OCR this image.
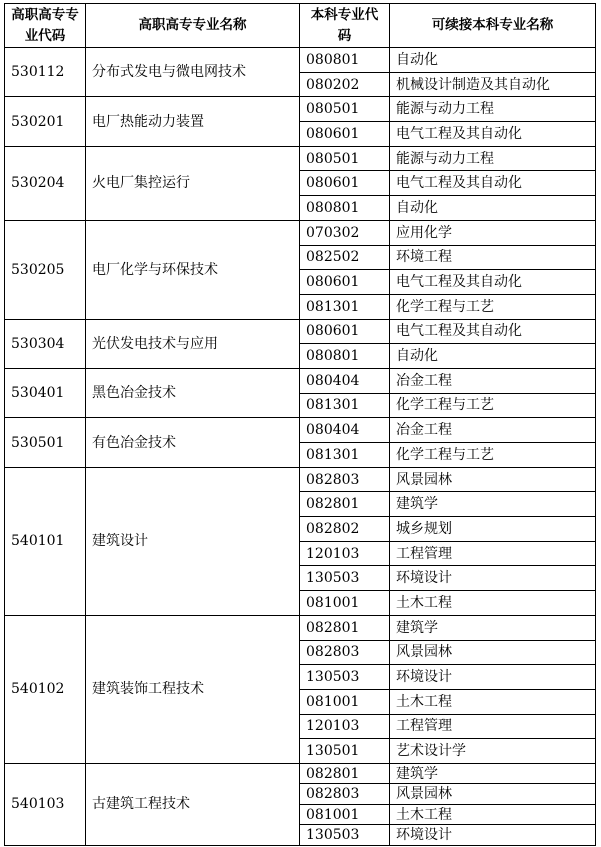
高职高专专业代码	高职高专专业名称	本科专业代码	可续接本科专业名称
530112	分布式发电与微电网技术	080801	自动化
		080202	机械设计制造及其自动化
530201	电厂热能动力装置	080501	能源与动力工程
		080601	电气工程及其自动化
530204	火电厂集控运行	080501	能源与动力工程
		080601	电气工程及其自动化
		080801	自动化
530205	电厂化学与环保技术	070302	应用化学
		082502	环境工程
		080601	电气工程及其自动化
		081301	化学工程与工艺
530304	光伏发电技术与应用	080601	电气工程及其自动化
		080801	自动化
530401	黑色冶金技术	080404	冶金工程
		081301	化学工程与工艺
530501	有色冶金技术	080404	冶金工程
		081301	化学工程与工艺
540101	建筑设计	082803	风景园林
		082801	建筑学
		082802	城乡规划
		120103	工程管理
		130503	环境设计
		081001	土木工程
540102	建筑装饰工程技术	082801	建筑学
		082803	风景园林
		130503	环境设计
		081001	土木工程
		120103	工程管理
		130501	艺术设计学
540103	古建筑工程技术	082801	建筑学
		082803	风景园林
		081001	土木工程
		130503	环境设计
